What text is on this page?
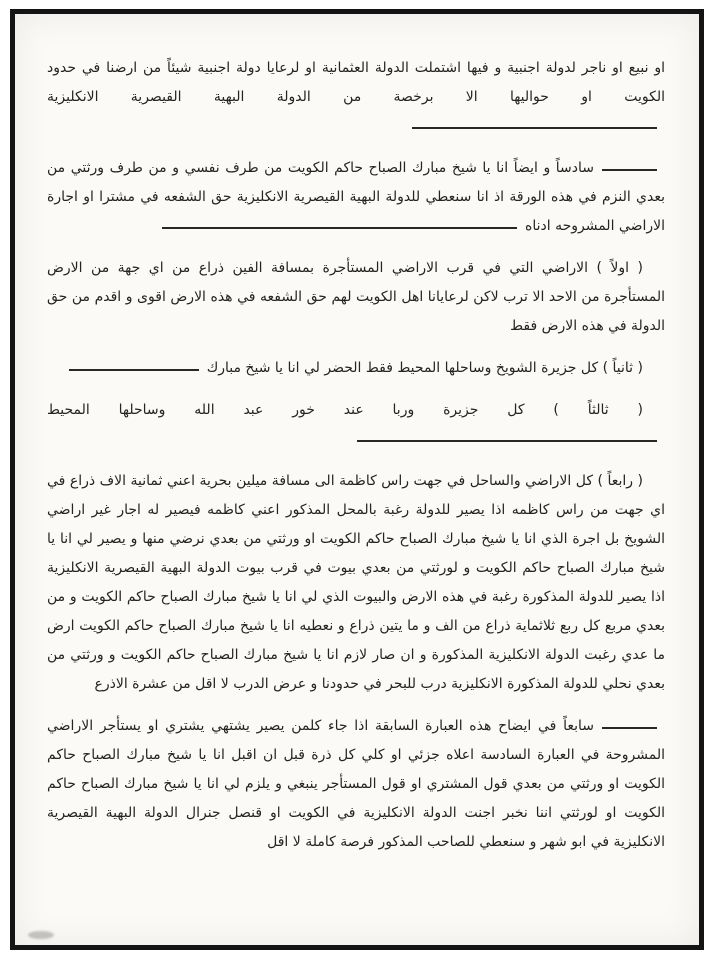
او نبيع او ناجر لدولة اجنبية و فيها اشتملت الدولة العثمانية او لرعايا دولة اجنبية شيئاً من ارضنا في حدود الكويت او حواليها الا برخصة من الدولة البهية القيصرية الانكليزية

سادساً و ايضاً انا يا شيخ مبارك الصباح حاكم الكويت من طرف نفسي و من طرف ورثتي من بعدي النزم في هذه الورقة اذ انا سنعطي للدولة البهية القيصرية الانكليزية حق الشفعه في مشترا او اجارة الاراضي المشروحه ادناه

( اولاً ) الاراضي التي في قرب الاراضي المستأجرة بمسافة الفين ذراع من اي جهة من الارض المستأجرة من الاحد الا ترب لاكن لرعايانا اهل الكويت لهم حق الشفعه في هذه الارض اقوى و اقدم من حق الدولة في هذه الارض فقط

( ثانياً ) كل جزيرة الشويخ وساحلها المحيط فقط الحضر لي انا يا شيخ مبارك

( ثالثاً ) كل جزيرة وربا عند خور عبد الله وساحلها المحيط

( رابعاً ) كل الاراضي والساحل في جهت راس كاظمة الى مسافة ميلين بحرية اعني ثمانية الاف ذراع في اي جهت من راس كاظمه اذا يصير للدولة رغبة بالمحل المذكور اعني كاظمه فيصير له اجار غير اراضي الشويخ بل اجرة الذي انا يا شيخ مبارك الصباح حاكم الكويت او ورثتي من بعدي نرضي منها و يصير لي انا يا شيخ مبارك الصباح حاكم الكويت و لورثتي من بعدي بيوت في قرب بيوت الدولة البهية القيصرية الانكليزية اذا يصير للدولة المذكورة رغبة في هذه الارض والبيوت الذي لي انا يا شيخ مبارك الصباح حاكم الكويت و من بعدي مربع كل ربع ثلاثماية ذراع من الف و ما يتين ذراع و نعطيه انا يا شيخ مبارك الصباح حاكم الكويت ارض ما عدي رغبت الدولة الانكليزية المذكورة و ان صار لازم انا يا شيخ مبارك الصباح حاكم الكويت و ورثتي من بعدي نحلي للدولة المذكورة الانكليزية درب للبحر في حدودنا و عرض الدرب لا اقل من عشرة الاذرع

سابعاً في ايضاح هذه العبارة السابقة اذا جاء كلمن يصير يشتهي يشتري او يستأجر الاراضي المشروحة في العبارة السادسة اعلاه جزئي او كلي كل ذرة قبل ان اقبل انا يا شيخ مبارك الصباح حاكم الكويت او ورثتي من بعدي قول المشتري او قول المستأجر ينبغي و يلزم لي انا يا شيخ مبارك الصباح حاكم الكويت او لورثتي اننا نخبر اجنت الدولة الانكليزية في الكويت او قنصل جنرال الدولة البهية القيصرية الانكليزية في ابو شهر و سنعطي للصاحب المذكور فرصة كاملة لا اقل
